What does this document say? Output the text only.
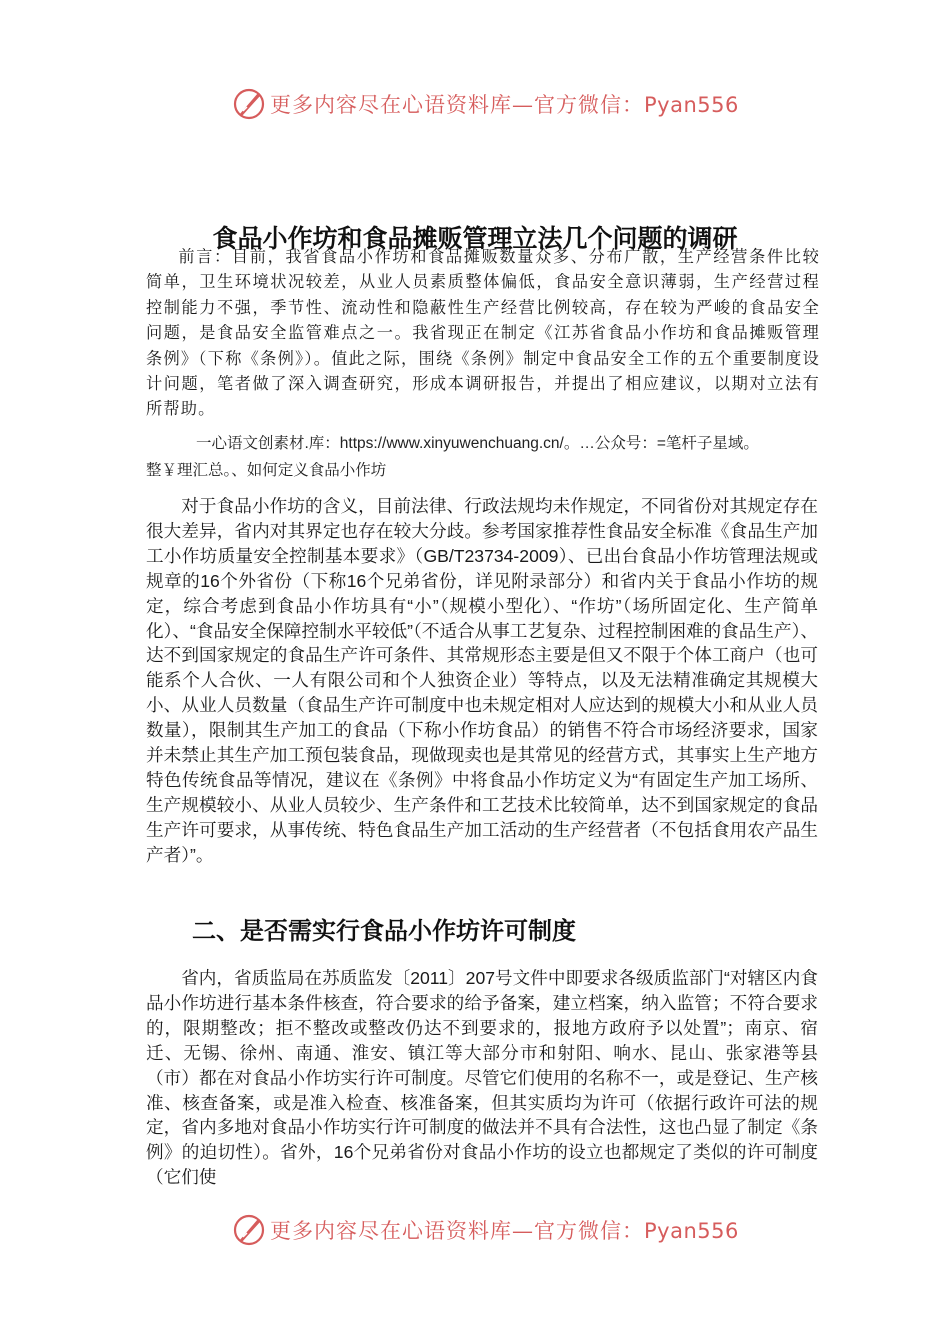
更多内容尽在心语资料库—官方微信：Pyan556
食品小作坊和食品摊贩管理立法几个问题的调研

前言：目前，我省食品小作坊和食品摊贩数量众多、分布广散，生产经营条件比较简单，卫生环境状况较差，从业人员素质整体偏低，食品安全意识薄弱，生产经营过程控制能力不强，季节性、流动性和隐蔽性生产经营比例较高，存在较为严峻的食品安全问题，是食品安全监管难点之一。我省现正在制定《江苏省食品小作坊和食品摊贩管理条例》（下称《条例》）。值此之际，围绕《条例》制定中食品安全工作的五个重要制度设计问题，笔者做了深入调查研究，形成本调研报告，并提出了相应建议，以期对立法有所帮助。

一心语文创素材.库：https://www.xinyuwenchuang.cn/。…公众号：=笔杆子星域。
整￥理汇总。、如何定义食品小作坊

对于食品小作坊的含义，目前法律、行政法规均未作规定，不同省份对其规定存在很大差异，省内对其界定也存在较大分歧。参考国家推荐性食品安全标准《食品生产加工小作坊质量安全控制基本要求》（GB/T23734-2009）、已出台食品小作坊管理法规或规章的16个外省份（下称16个兄弟省份，详见附录部分）和省内关于食品小作坊的规定，综合考虑到食品小作坊具有“小”（规模小型化）、“作坊”（场所固定化、生产简单化）、“食品安全保障控制水平较低”（不适合从事工艺复杂、过程控制困难的食品生产）、达不到国家规定的食品生产许可条件、其常规形态主要是但又不限于个体工商户（也可能系个人合伙、一人有限公司和个人独资企业）等特点，以及无法精准确定其规模大小、从业人员数量（食品生产许可制度中也未规定相对人应达到的规模大小和从业人员数量），限制其生产加工的食品（下称小作坊食品）的销售不符合市场经济要求，国家并未禁止其生产加工预包装食品，现做现卖也是其常见的经营方式，其事实上生产地方特色传统食品等情况，建议在《条例》中将食品小作坊定义为“有固定生产加工场所、生产规模较小、从业人员较少、生产条件和工艺技术比较简单，达不到国家规定的食品生产许可要求，从事传统、特色食品生产加工活动的生产经营者（不包括食用农产品生产者）”。

二、是否需实行食品小作坊许可制度

省内，省质监局在苏质监发〔2011〕207号文件中即要求各级质监部门“对辖区内食品小作坊进行基本条件核查，符合要求的给予备案，建立档案，纳入监管；不符合要求的，限期整改；拒不整改或整改仍达不到要求的，报地方政府予以处置”；南京、宿迁、无锡、徐州、南通、淮安、镇江等大部分市和射阳、响水、昆山、张家港等县（市）都在对食品小作坊实行许可制度。尽管它们使用的名称不一，或是登记、生产核准、核查备案，或是准入检查、核准备案，但其实质均为许可（依据行政许可法的规定，省内多地对食品小作坊实行许可制度的做法并不具有合法性，这也凸显了制定《条例》的迫切性）。省外，16个兄弟省份对食品小作坊的设立也都规定了类似的许可制度（它们使

更多内容尽在心语资料库—官方微信：Pyan556
